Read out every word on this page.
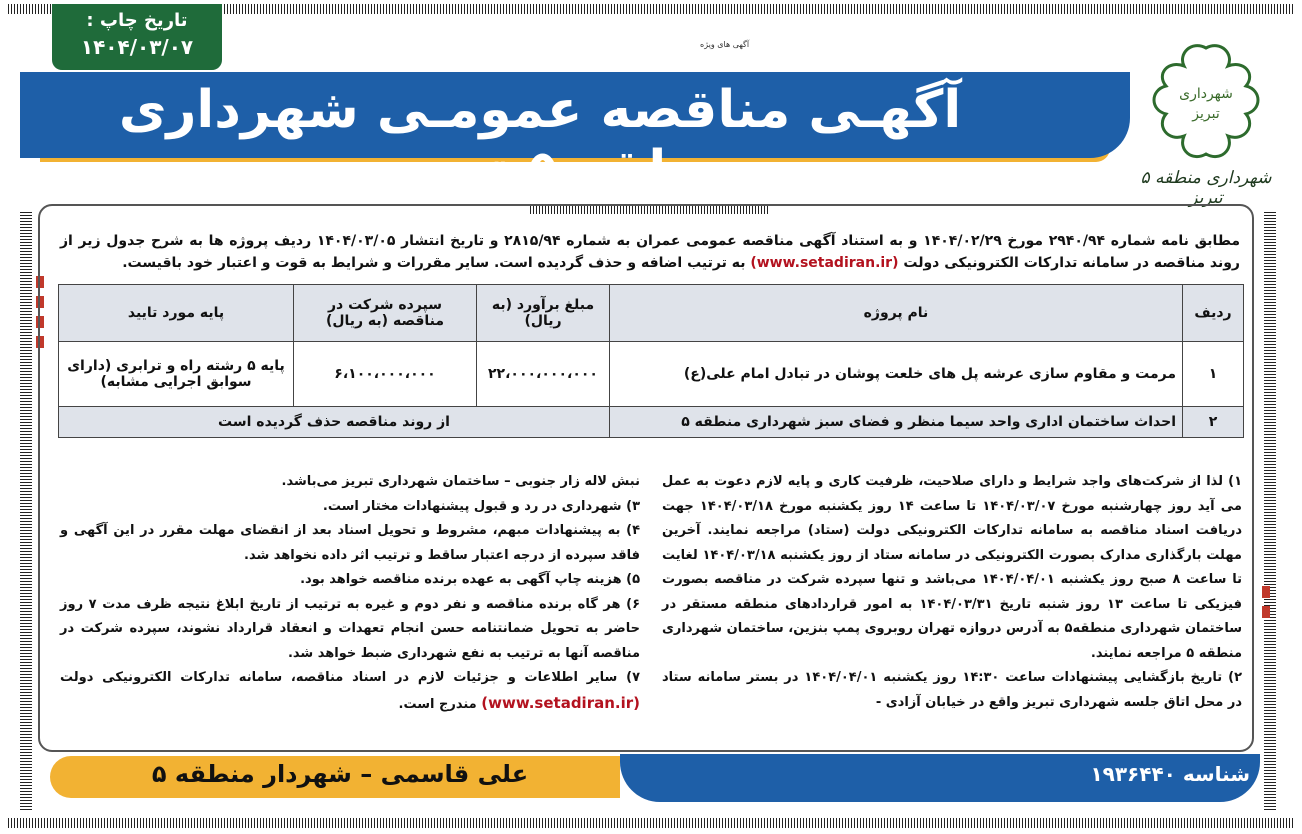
تاریخ چاپ :
۱۴۰۴/۰۳/۰۷	آگهی های ویژه
آگهـی مناقصه عمومـی شهرداری منطقه ۵ تبـــریز
شهرداری
تبریز
شهرداری منطقه ۵ تبریز
مطابق نامه شماره ۲۹۴۰/۹۴ مورخ ۱۴۰۴/۰۲/۲۹ و به استناد آگهی مناقصه عمومی عمران به شماره ۲۸۱۵/۹۴ و تاریخ انتشار ۱۴۰۴/۰۳/۰۵ ردیف پروژه ها به شرح جدول زیر از روند مناقصه در سامانه تدارکات الکترونیکی دولت (www.setadiran.ir) به ترتیب اضافه و حذف گردیده است. سایر مقررات و شرایط به قوت و اعتبار خود باقیست.
ردیف	نام پروژه	مبلغ برآورد (به ریال)	سپرده شرکت در مناقصه (به ریال)	پایه مورد تایید
۱	مرمت و مقاوم سازی عرشه پل های خلعت پوشان در تبادل امام علی(ع)	۲۲،۰۰۰،۰۰۰،۰۰۰	۶،۱۰۰،۰۰۰،۰۰۰	پایه ۵ رشته راه و ترابری (دارای سوابق اجرایی مشابه)
۲	احداث ساختمان اداری واحد سیما منظر و فضای سبز شهرداری منطقه ۵	از روند مناقصه حذف گردیده است		
۱) لذا از شرکت‌های واجد شرایط و دارای صلاحیت، ظرفیت کاری و پایه لازم دعوت به عمل می آید روز چهارشنبه مورخ ۱۴۰۴/۰۳/۰۷ تا ساعت ۱۴ روز یکشنبه مورخ ۱۴۰۴/۰۳/۱۸ جهت دریافت اسناد مناقصه به سامانه تدارکات الکترونیکی دولت (ستاد) مراجعه نمایند. آخرین مهلت بارگذاری مدارک بصورت الکترونیکی در سامانه ستاد از روز یکشنبه ۱۴۰۴/۰۳/۱۸ لغایت تا ساعت ۸ صبح روز یکشنبه ۱۴۰۴/۰۴/۰۱ می‌باشد و تنها سپرده شرکت در مناقصه بصورت فیزیکی تا ساعت ۱۳ روز شنبه تاریخ ۱۴۰۴/۰۳/۳۱ به امور قراردادهای منطقه مستقر در ساختمان شهرداری منطقه۵ به آدرس دروازه تهران روبروی پمپ بنزین، ساختمان شهرداری منطقه ۵ مراجعه نمایند.
۲) تاریخ بازگشایی پیشنهادات ساعت ۱۴:۳۰ روز یکشنبه ۱۴۰۴/۰۴/۰۱ در بستر سامانه ستاد در محل اتاق جلسه شهرداری تبریز واقع در خیابان آزادی -
نبش لاله زار جنوبی – ساختمان شهرداری تبریز می‌باشد.
۳) شهرداری در رد و قبول پیشنهادات مختار است.
۴) به پیشنهادات مبهم، مشروط و تحویل اسناد بعد از انقضای مهلت مقرر در این آگهی و فاقد سپرده از درجه اعتبار ساقط و ترتیب اثر داده نخواهد شد.
۵) هزینه چاپ آگهی به عهده برنده مناقصه خواهد بود.
۶) هر گاه برنده مناقصه و نفر دوم و غیره به ترتیب از تاریخ ابلاغ نتیجه ظرف مدت ۷ روز حاضر به تحویل ضمانتنامه حسن انجام تعهدات و انعقاد قرارداد نشوند، سپرده شرکت در مناقصه آنها به ترتیب به نفع شهرداری ضبط خواهد شد.
۷) سایر اطلاعات و جزئیات لازم در اسناد مناقصه، سامانه تدارکات الکترونیکی دولت (www.setadiran.ir) مندرج است.
شناسه ۱۹۳۶۴۴۰
علی قاسمی – شهردار منطقه ۵
